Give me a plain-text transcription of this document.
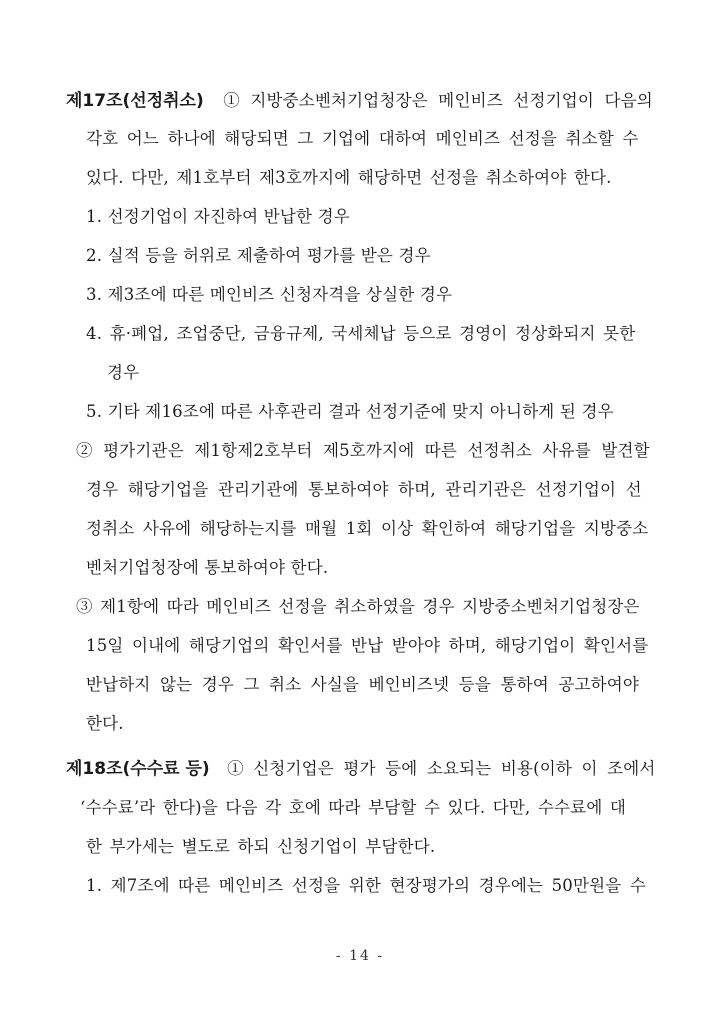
제17조(선정취소) ① 지방중소벤처기업청장은 메인비즈 선정기업이 다음의
각호 어느 하나에 해당되면 그 기업에 대하여 메인비즈 선정을 취소할 수
있다. 다만, 제1호부터 제3호까지에 해당하면 선정을 취소하여야 한다.
1. 선정기업이 자진하여 반납한 경우
2. 실적 등을 허위로 제출하여 평가를 받은 경우
3. 제3조에 따른 메인비즈 신청자격을 상실한 경우
4. 휴·폐업, 조업중단, 금융규제, 국세체납 등으로 경영이 정상화되지 못한
경우
5. 기타 제16조에 따른 사후관리 결과 선정기준에 맞지 아니하게 된 경우
② 평가기관은 제1항제2호부터 제5호까지에 따른 선정취소 사유를 발견할
경우 해당기업을 관리기관에 통보하여야 하며, 관리기관은 선정기업이 선
정취소 사유에 해당하는지를 매월 1회 이상 확인하여 해당기업을 지방중소
벤처기업청장에 통보하여야 한다.
③ 제1항에 따라 메인비즈 선정을 취소하였을 경우 지방중소벤처기업청장은
15일 이내에 해당기업의 확인서를 반납 받아야 하며, 해당기업이 확인서를
반납하지 않는 경우 그 취소 사실을 베인비즈넷 등을 통하여 공고하여야
한다.
제18조(수수료 등) ① 신청기업은 평가 등에 소요되는 비용(이하 이 조에서
‘수수료’라 한다)을 다음 각 호에 따라 부담할 수 있다. 다만, 수수료에 대
한 부가세는 별도로 하되 신청기업이 부담한다.
1. 제7조에 따른 메인비즈 선정을 위한 현장평가의 경우에는 50만원을 수
- 14 -
